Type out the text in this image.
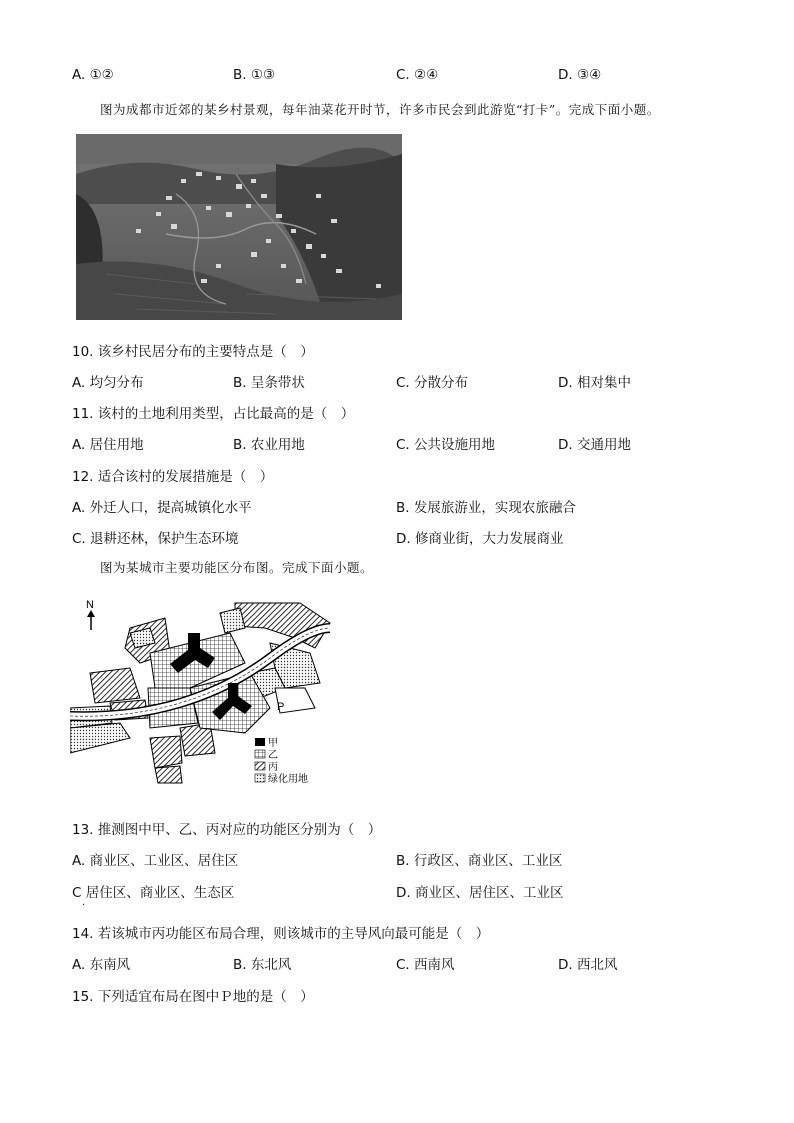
A. ①②	B. ①③	C. ②④	D. ③④
图为成都市近郊的某乡村景观，每年油菜花开时节，许多市民会到此游览“打卡”。完成下面小题。
10. 该乡村民居分布的主要特点是（　）
A. 均匀分布	B. 呈条带状	C. 分散分布	D. 相对集中
11. 该村的土地利用类型，占比最高的是（　）
A. 居住用地	B. 农业用地	C. 公共设施用地	D. 交通用地
12. 适合该村的发展措施是（　）
A. 外迁人口，提高城镇化水平	B. 发展旅游业，实现农旅融合
C. 退耕还林，保护生态环境	D. 修商业街，大力发展商业
图为某城市主要功能区分布图。完成下面小题。
N
P
甲
乙
丙
绿化用地
13. 推测图中甲、乙、丙对应的功能区分别为（　）
A. 商业区、工业区、居住区	B. 行政区、商业区、工业区
C 居住区、商业区、生态区	D. 商业区、居住区、工业区
·
14. 若该城市丙功能区布局合理，则该城市的主导风向最可能是（　）
A. 东南风	B. 东北风	C. 西南风	D. 西北风
15. 下列适宜布局在图中Ｐ地的是（　）
